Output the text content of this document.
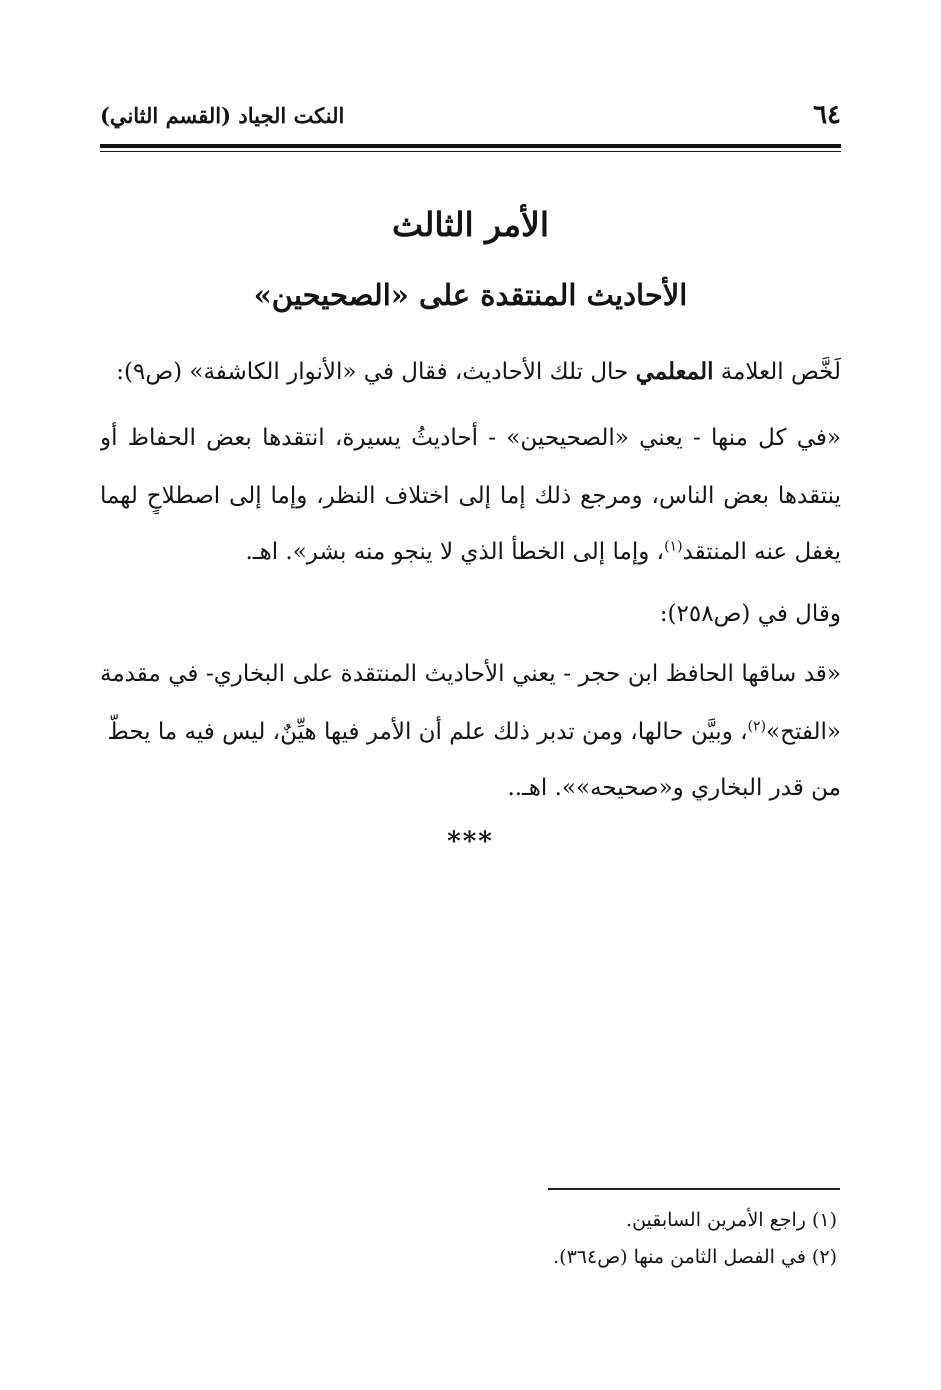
٦٤
النكت الجياد (القسم الثاني)
الأمر الثالث
الأحاديث المنتقدة على «الصحيحين»
لَخَّص العلامة المعلمي حال تلك الأحاديث، فقال في «الأنوار الكاشفة» (ص٩):
«في كل منها - يعني «الصحيحين» - أحاديثُ يسيرة، انتقدها بعض الحفاظ أو
ينتقدها بعض الناس، ومرجع ذلك إما إلى اختلاف النظر، وإما إلى اصطلاحٍ لهما
يغفل عنه المنتقد$^{(١)}$، وإما إلى الخطأ الذي لا ينجو منه بشر». اهـ.
وقال في (ص٢٥٨):
«قد ساقها الحافظ ابن حجر - يعني الأحاديث المنتقدة على البخاري- في مقدمة
«الفتح»$^{(٢)}$، وبيَّن حالها، ومن تدبر ذلك علم أن الأمر فيها هيِّنٌ، ليس فيه ما يحطُّ
من قدر البخاري و«صحيحه»». اهـ..
***
(١) راجع الأمرين السابقين.
(٢) في الفصل الثامن منها (ص٣٦٤).
